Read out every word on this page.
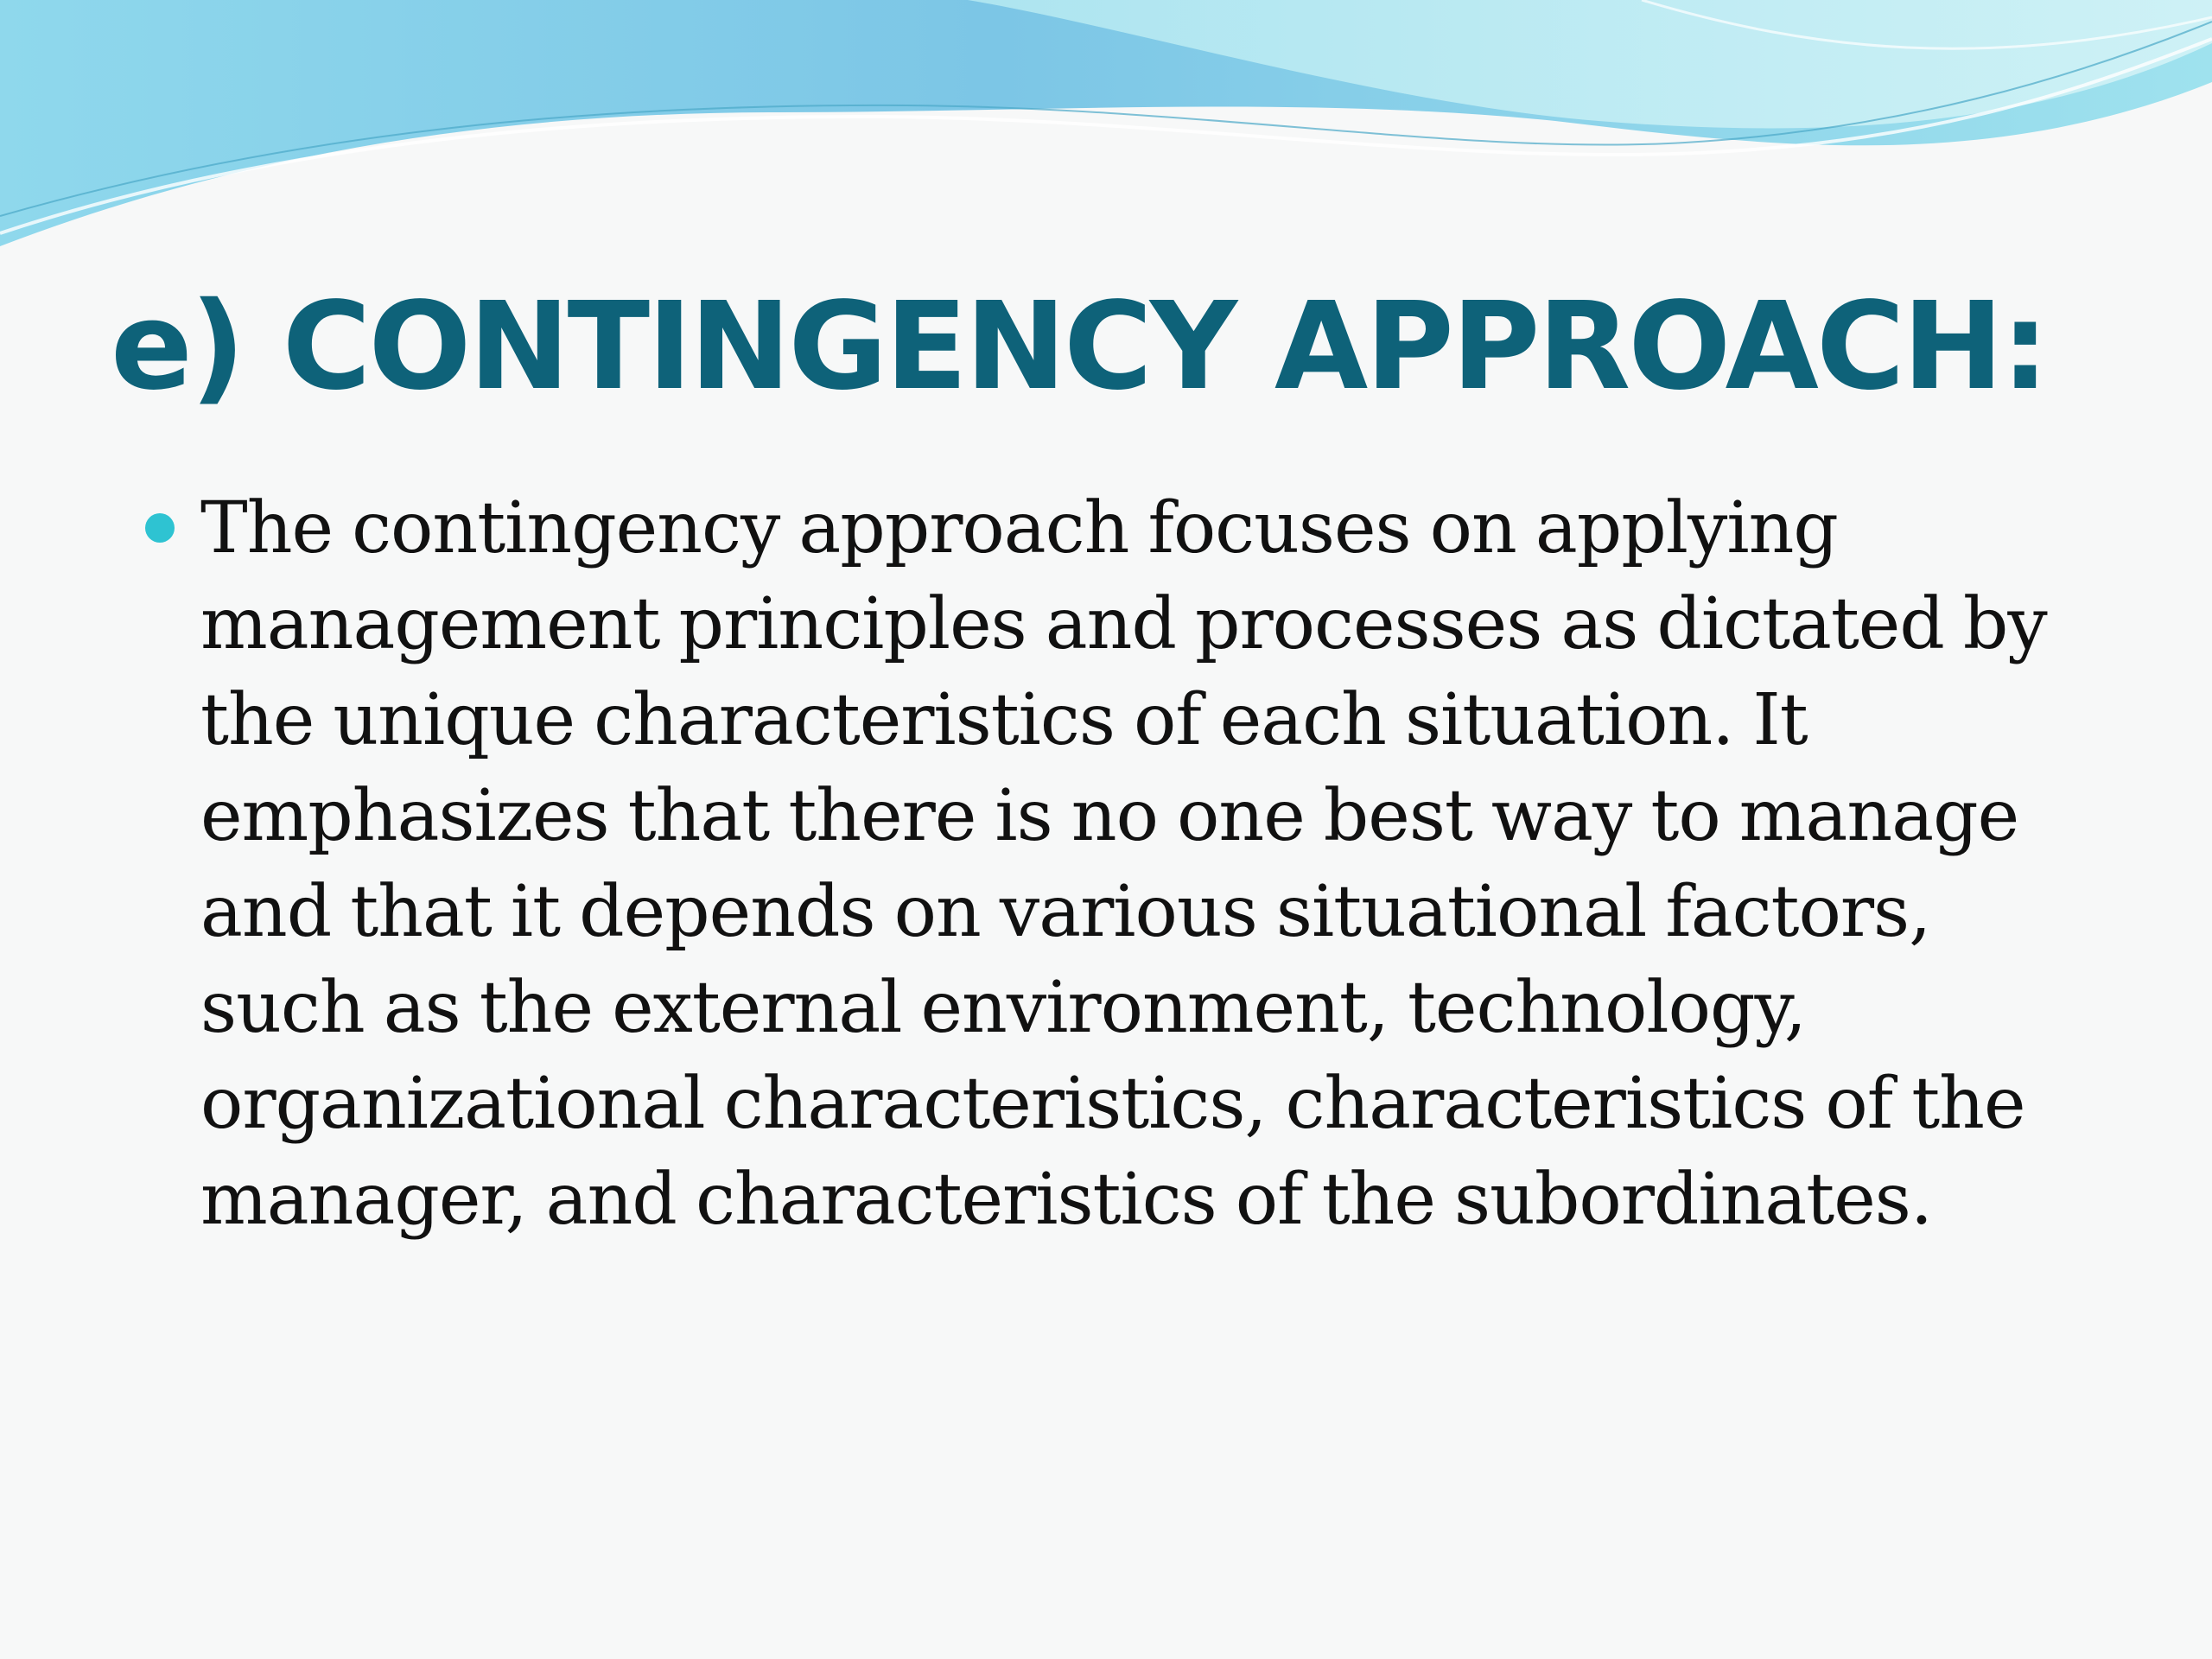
e) CONTINGENCY APPROACH:
The contingency approach focuses on applying management principles and processes as dictated by the unique characteristics of each situation. It emphasizes that there is no one best way to manage and that it depends on various situational factors, such as the external environment, technology, organizational characteristics, characteristics of the manager, and characteristics of the subordinates.
